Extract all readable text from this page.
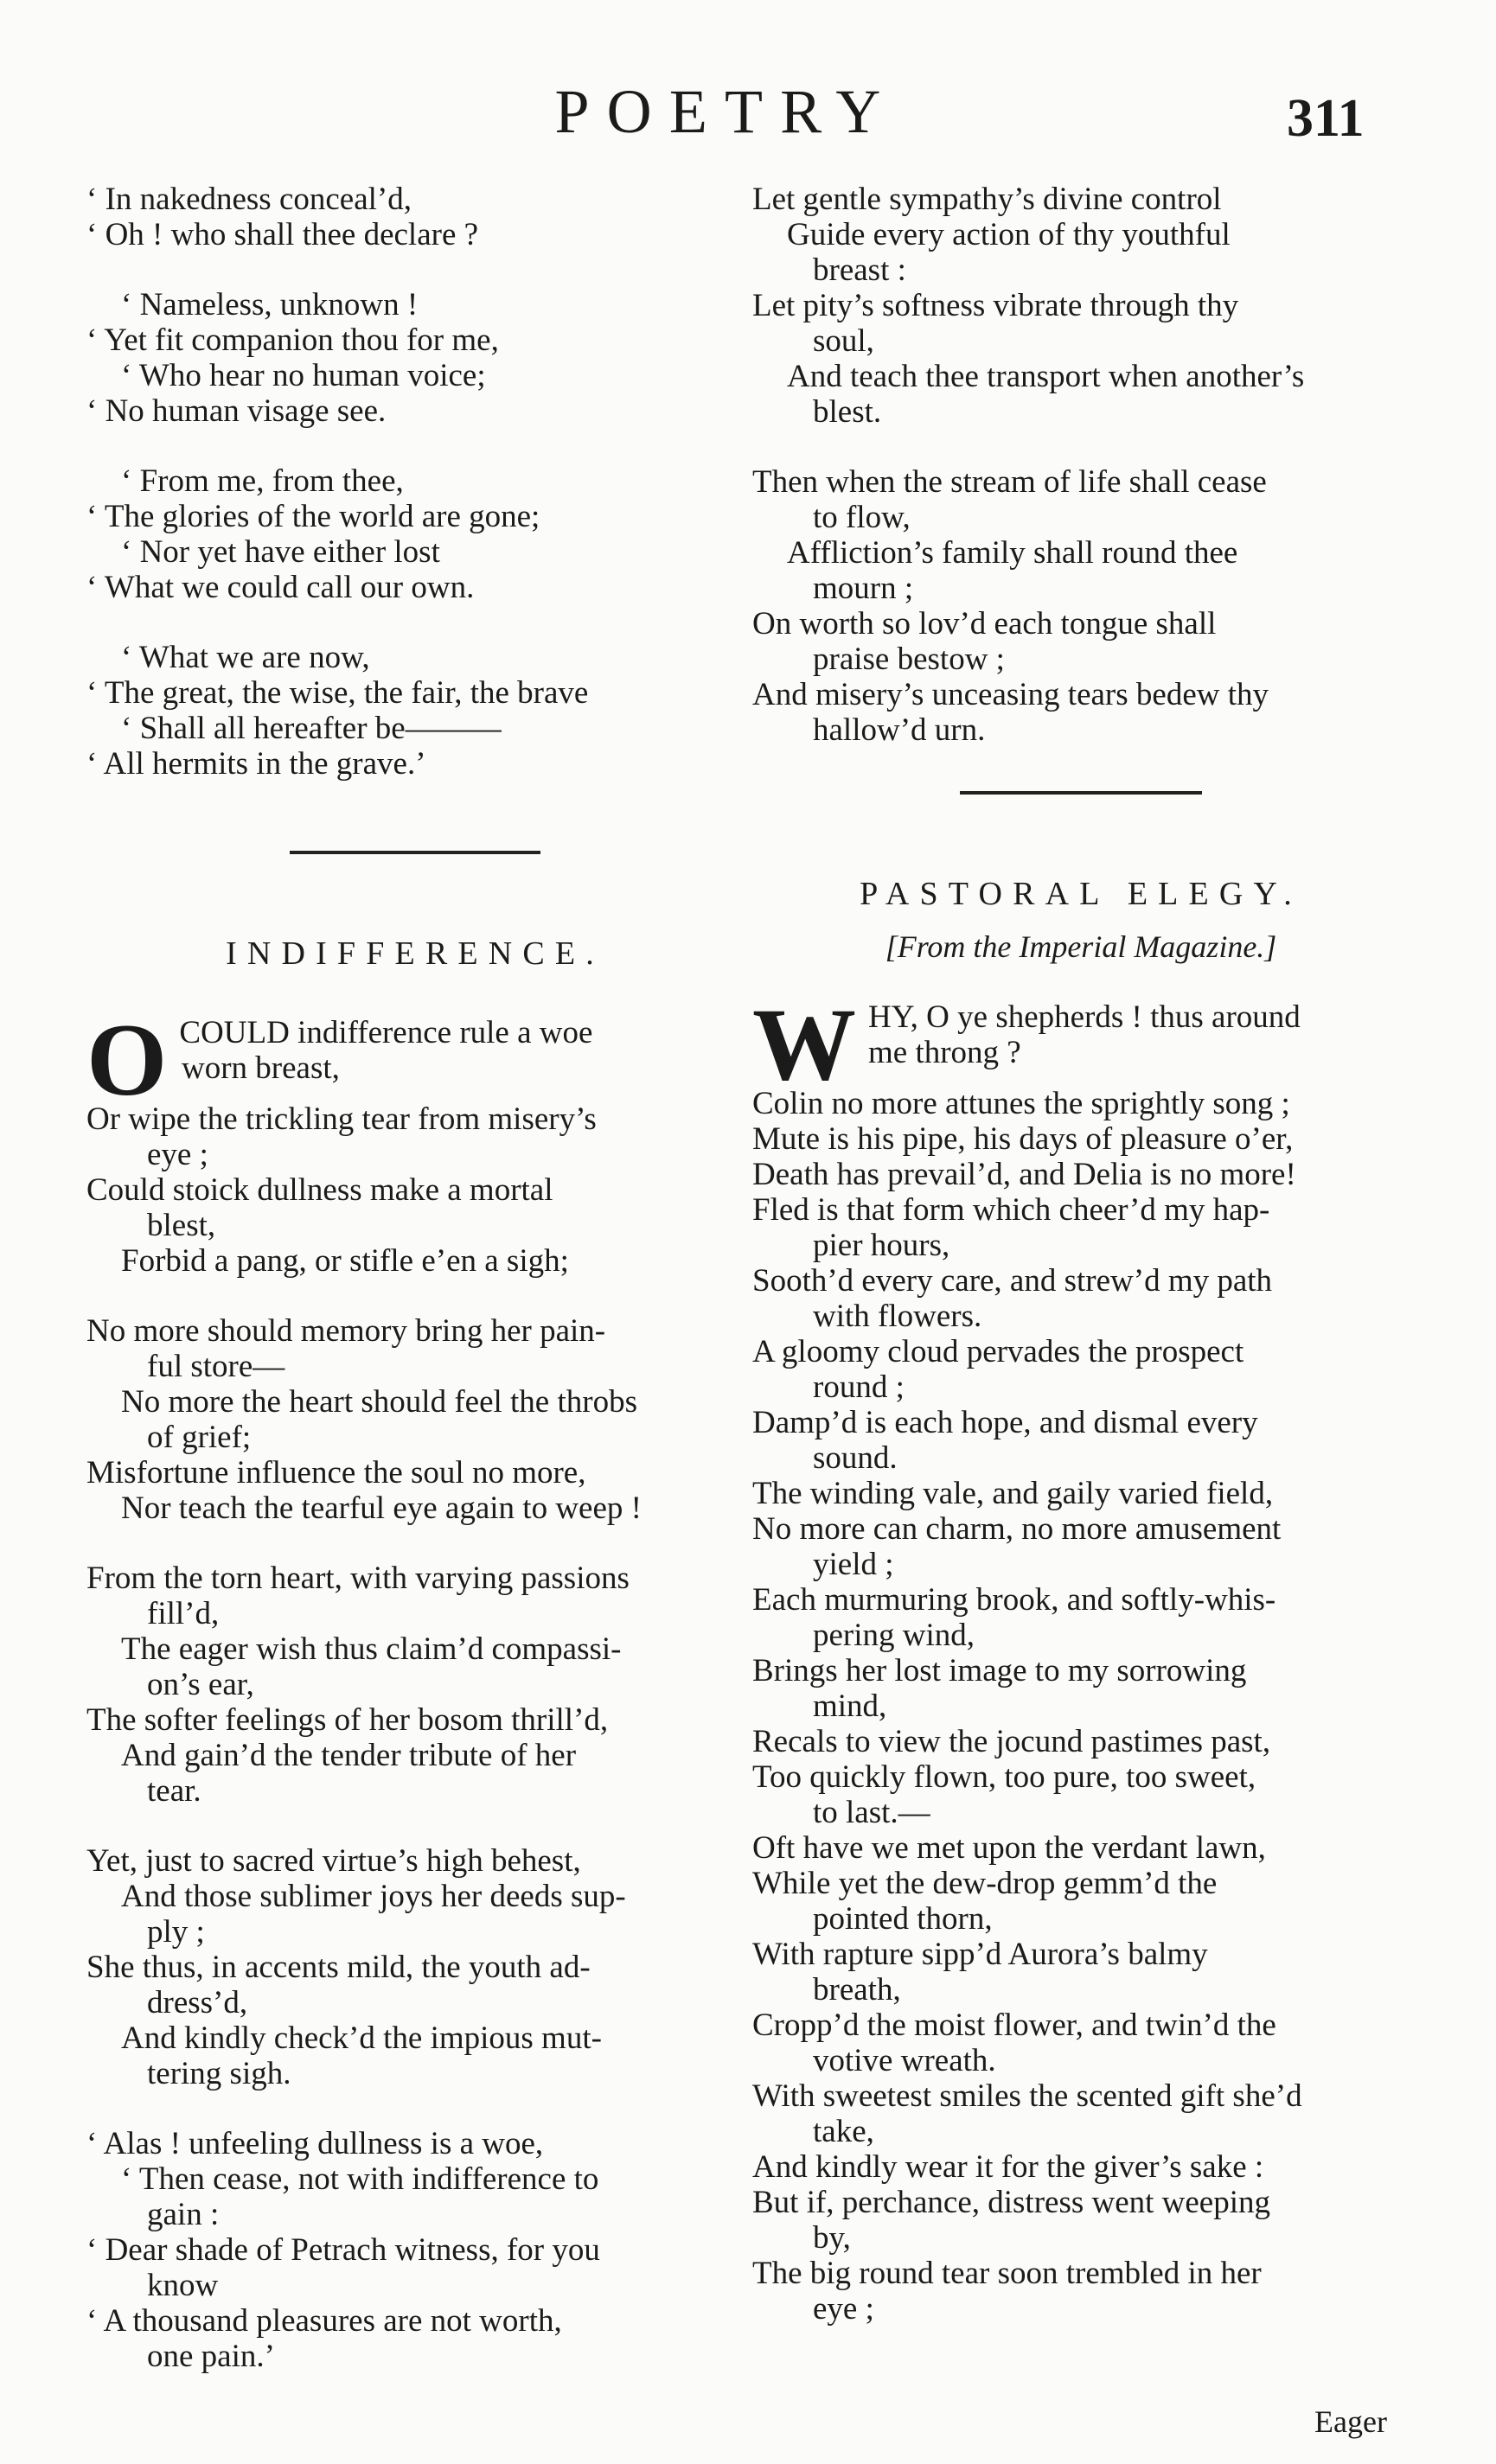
POETRY	311
‘ In nakedness conceal’d,
‘ Oh ! who shall thee declare ?
‘ Nameless, unknown !
‘ Yet fit companion thou for me,
‘ Who hear no human voice;
‘ No human visage see.
‘ From me, from thee,
‘ The glories of the world are gone;
‘ Nor yet have either lost
‘ What we could call our own.
‘ What we are now,
‘ The great, the wise, the fair, the brave
‘ Shall all hereafter be———
‘ All hermits in the grave.’
INDIFFERENCE.
O COULD indifference rule a woe
worn breast,
Or wipe the trickling tear from misery’s
eye ;
Could stoick dullness make a mortal
blest,
Forbid a pang, or stifle e’en a sigh;
No more should memory bring her pain-
ful store—
No more the heart should feel the throbs
of grief;
Misfortune influence the soul no more,
Nor teach the tearful eye again to weep !
From the torn heart, with varying passions
fill’d,
The eager wish thus claim’d compassi-
on’s ear,
The softer feelings of her bosom thrill’d,
And gain’d the tender tribute of her
tear.
Yet, just to sacred virtue’s high behest,
And those sublimer joys her deeds sup-
ply ;
She thus, in accents mild, the youth ad-
dress’d,
And kindly check’d the impious mut-
tering sigh.
‘ Alas ! unfeeling dullness is a woe,
‘ Then cease, not with indifference to
gain :
‘ Dear shade of Petrach witness, for you
know
‘ A thousand pleasures are not worth,
one pain.’
Let gentle sympathy’s divine control
Guide every action of thy youthful
breast :
Let pity’s softness vibrate through thy
soul,
And teach thee transport when another’s
blest.
Then when the stream of life shall cease
to flow,
Affliction’s family shall round thee
mourn ;
On worth so lov’d each tongue shall
praise bestow ;
And misery’s unceasing tears bedew thy
hallow’d urn.
PASTORAL ELEGY.
[From the Imperial Magazine.]
W HY, O ye shepherds ! thus around
me throng ?
Colin no more attunes the sprightly song ;
Mute is his pipe, his days of pleasure o’er,
Death has prevail’d, and Delia is no more!
Fled is that form which cheer’d my hap-
pier hours,
Sooth’d every care, and strew’d my path
with flowers.
A gloomy cloud pervades the prospect
round ;
Damp’d is each hope, and dismal every
sound.
The winding vale, and gaily varied field,
No more can charm, no more amusement
yield ;
Each murmuring brook, and softly-whis-
pering wind,
Brings her lost image to my sorrowing
mind,
Recals to view the jocund pastimes past,
Too quickly flown, too pure, too sweet,
to last.—
Oft have we met upon the verdant lawn,
While yet the dew-drop gemm’d the
pointed thorn,
With rapture sipp’d Aurora’s balmy
breath,
Cropp’d the moist flower, and twin’d the
votive wreath.
With sweetest smiles the scented gift she’d
take,
And kindly wear it for the giver’s sake :
But if, perchance, distress went weeping
by,
The big round tear soon trembled in her
eye ;
Eager
